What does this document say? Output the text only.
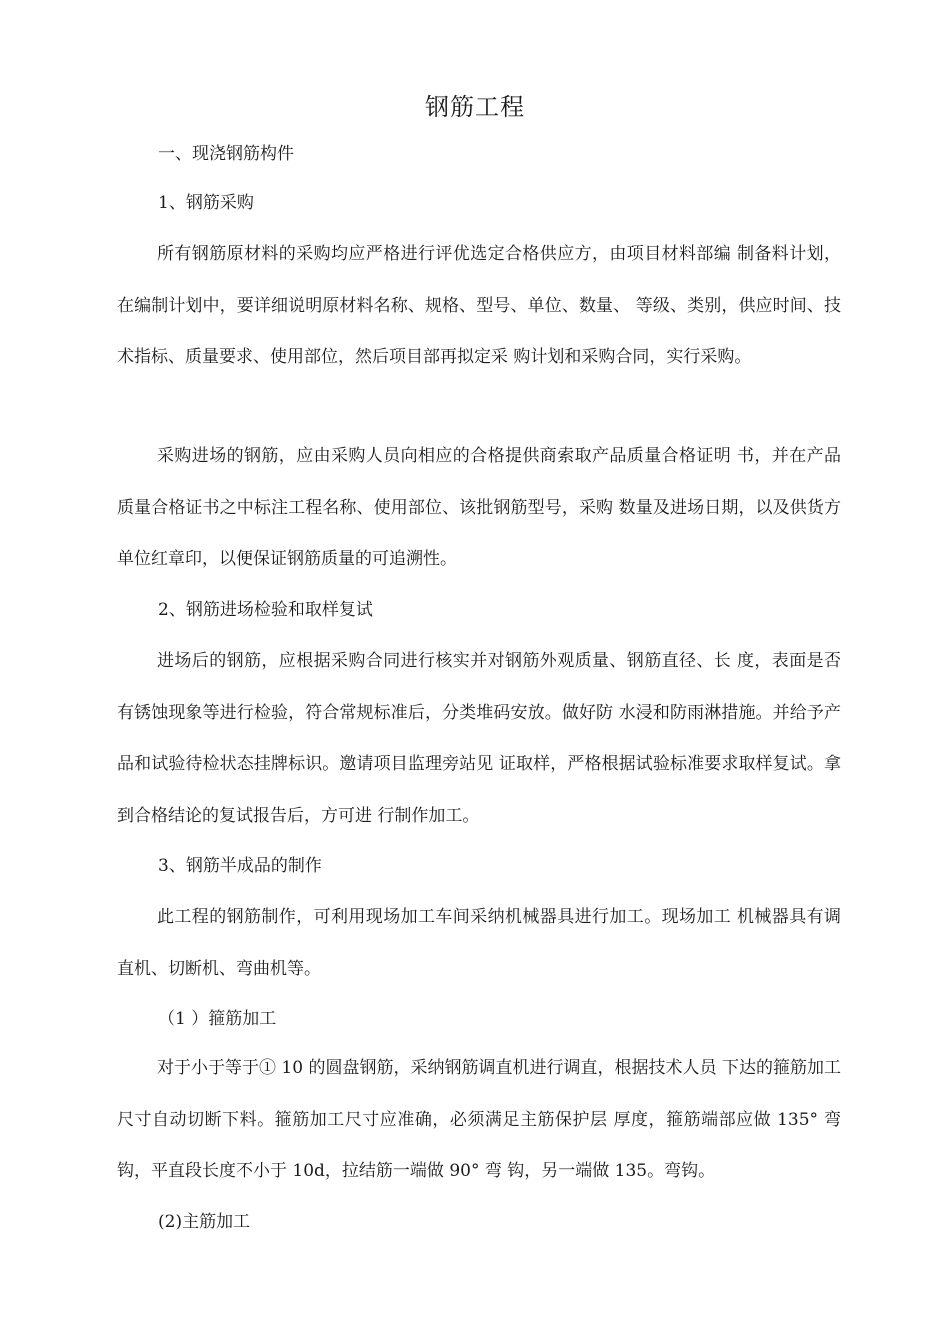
钢筋工程
一、现浇钢筋构件
1、钢筋采购

所有钢筋原材料的采购均应严格进行评优选定合格供应方，由项目材料部编 制备料计划，在编制计划中，要详细说明原材料名称、规格、型号、单位、数量、 等级、类别，供应时间、技术指标、质量要求、使用部位，然后项目部再拟定采 购计划和采购合同，实行采购。

采购进场的钢筋，应由采购人员向相应的合格提供商索取产品质量合格证明 书，并在产品质量合格证书之中标注工程名称、使用部位、该批钢筋型号，采购 数量及进场日期，以及供货方单位红章印，以便保证钢筋质量的可追溯性。

2、钢筋进场检验和取样复试

进场后的钢筋，应根据采购合同进行核实并对钢筋外观质量、钢筋直径、长 度，表面是否有锈蚀现象等进行检验，符合常规标准后，分类堆码安放。做好防 水浸和防雨淋措施。并给予产品和试验待检状态挂牌标识。邀请项目监理旁站见 证取样，严格根据试验标准要求取样复试。拿到合格结论的复试报告后，方可进 行制作加工。

3、钢筋半成品的制作

此工程的钢筋制作，可利用现场加工车间采纳机械器具进行加工。现场加工 机械器具有调直机、切断机、弯曲机等。

（1 ）箍筋加工

对于小于等于① 10 的圆盘钢筋，采纳钢筋调直机进行调直，根据技术人员 下达的箍筋加工尺寸自动切断下料。箍筋加工尺寸应准确，必须满足主筋保护层 厚度，箍筋端部应做 135° 弯钩，平直段长度不小于 10d，拉结筋一端做 90° 弯 钩，另一端做 135。弯钩。

(2)主筋加工
